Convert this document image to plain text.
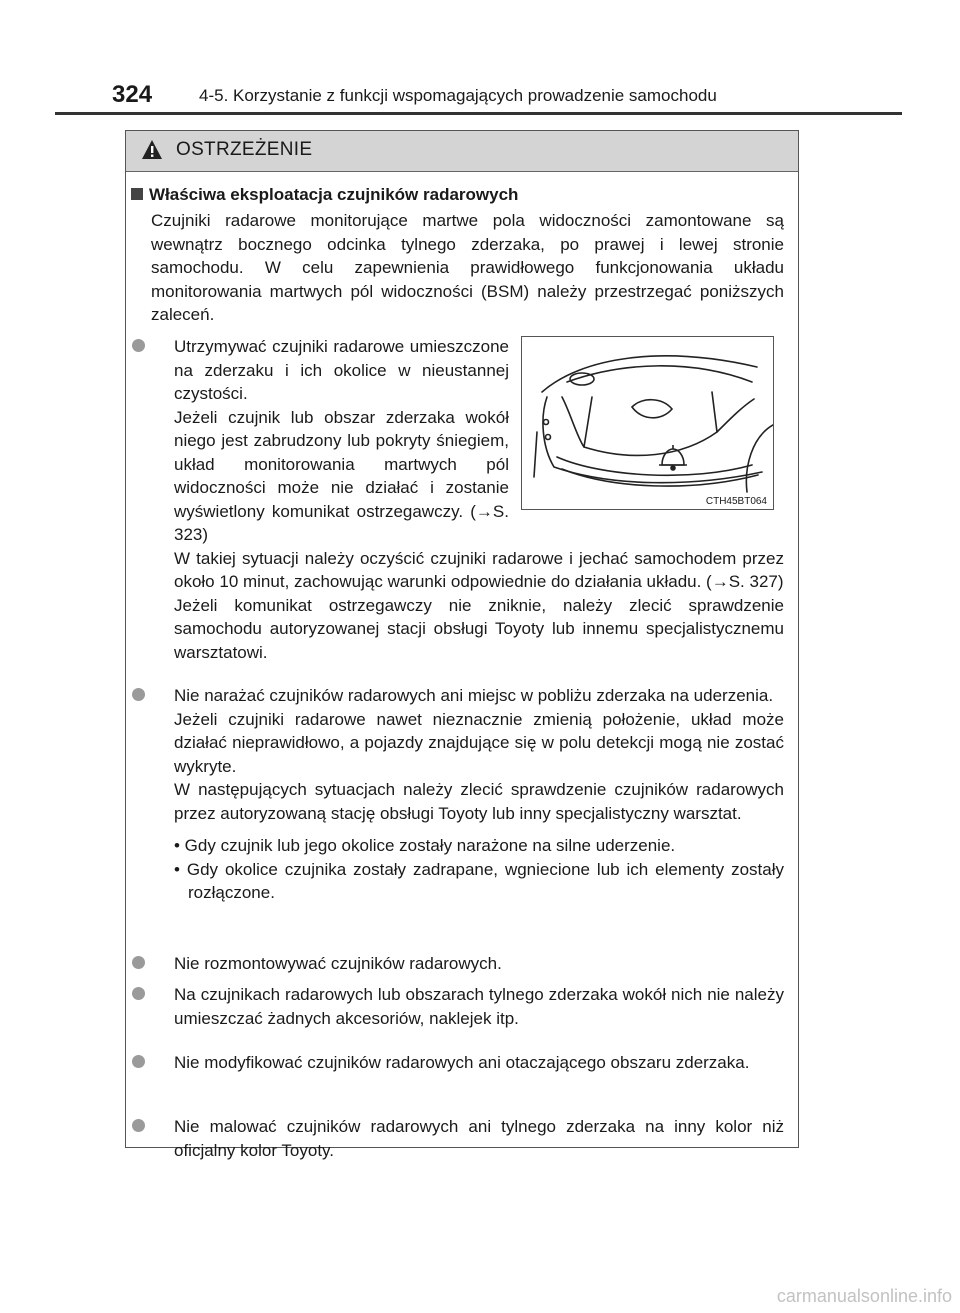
324	4-5. Korzystanie z funkcji wspomagających prowadzenie samochodu
OSTRZEŻENIE
Właściwa eksploatacja czujników radarowych

Czujniki radarowe monitorujące martwe pola widoczności zamontowane są wewnątrz bocznego odcinka tylnego zderzaka, po prawej i lewej stronie samochodu. W celu zapewnienia prawidłowego funkcjonowania układu monitorowania martwych pól widoczności (BSM) należy przestrzegać poniższych zaleceń.

Utrzymywać czujniki radarowe umieszczone na zderzaku i ich okolice w nieustannej czystości.

Jeżeli czujnik lub obszar zderzaka wokół niego jest zabrudzony lub pokryty śniegiem, układ monitorowania martwych pól widoczności może nie działać i zostanie wyświetlony komunikat ostrzegawczy. (→S. 323)

W takiej sytuacji należy oczyścić czujniki radarowe i jechać samochodem przez około 10 minut, zachowując warunki odpowiednie do działania układu. (→S. 327)

Jeżeli komunikat ostrzegawczy nie zniknie, należy zlecić sprawdzenie samochodu autoryzowanej stacji obsługi Toyoty lub innemu specjalistycznemu warsztatowi.

CTH45BT064

Nie narażać czujników radarowych ani miejsc w pobliżu zderzaka na uderzenia.

Jeżeli czujniki radarowe nawet nieznacznie zmienią położenie, układ może działać nieprawidłowo, a pojazdy znajdujące się w polu detekcji mogą nie zostać wykryte.

W następujących sytuacjach należy zlecić sprawdzenie czujników radarowych przez autoryzowaną stację obsługi Toyoty lub inny specjalistyczny warsztat.

• Gdy czujnik lub jego okolice zostały narażone na silne uderzenie.

• Gdy okolice czujnika zostały zadrapane, wgniecione lub ich elementy zostały rozłączone.

Nie rozmontowywać czujników radarowych.

Na czujnikach radarowych lub obszarach tylnego zderzaka wokół nich nie należy umieszczać żadnych akcesoriów, naklejek itp.

Nie modyfikować czujników radarowych ani otaczającego obszaru zderzaka.

Nie malować czujników radarowych ani tylnego zderzaka na inny kolor niż oficjalny kolor Toyoty.

carmanualsonline.info
